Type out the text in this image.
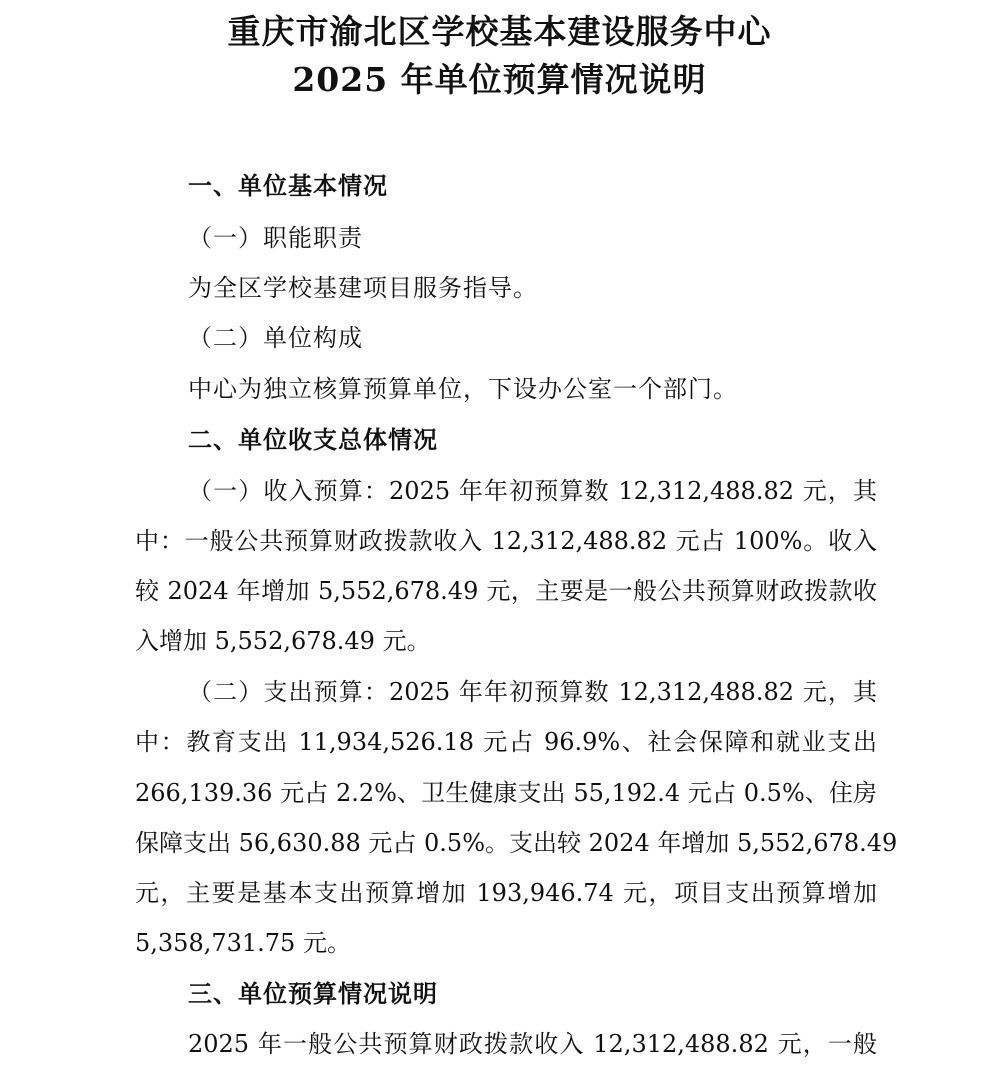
重庆市渝北区学校基本建设服务中心
2025 年单位预算情况说明
一、单位基本情况
（一）职能职责
为全区学校基建项目服务指导。
（二）单位构成
中心为独立核算预算单位，下设办公室一个部门。
二、单位收支总体情况
（一）收入预算：2025 年年初预算数 12,312,488.82 元，其
中：一般公共预算财政拨款收入 12,312,488.82 元占 100%。收入
较 2024 年增加 5,552,678.49 元，主要是一般公共预算财政拨款收
入增加 5,552,678.49 元。
（二）支出预算：2025 年年初预算数 12,312,488.82 元，其
中：教育支出 11,934,526.18 元占 96.9%、社会保障和就业支出
266,139.36 元占 2.2%、卫生健康支出 55,192.4 元占 0.5%、住房
保障支出 56,630.88 元占 0.5%。支出较 2024 年增加 5,552,678.49
元，主要是基本支出预算增加 193,946.74 元，项目支出预算增加
5,358,731.75 元。
三、单位预算情况说明
2025 年一般公共预算财政拨款收入 12,312,488.82 元，一般
